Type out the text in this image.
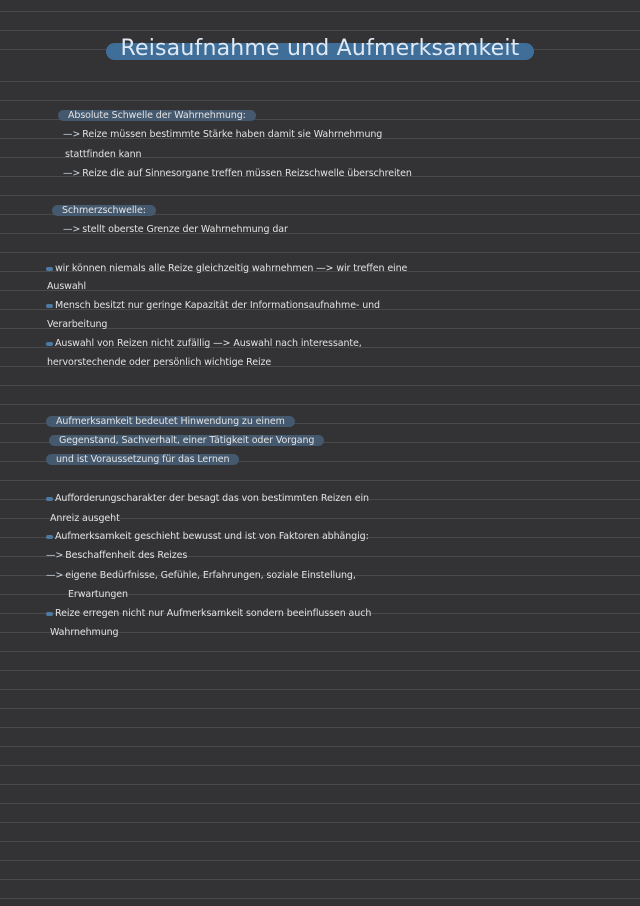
Reisaufnahme und Aufmerksamkeit
Absolute Schwelle der Wahrnehmung:
—> Reize müssen bestimmte Stärke haben damit sie Wahrnehmung
stattfinden kann
—> Reize die auf Sinnesorgane treffen müssen Reizschwelle überschreiten
Schmerzschwelle:
—> stellt oberste Grenze der Wahrnehmung dar
wir können niemals alle Reize gleichzeitig wahrnehmen —> wir treffen eine
Auswahl
Mensch besitzt nur geringe Kapazität der Informationsaufnahme- und
Verarbeitung
Auswahl von Reizen nicht zufällig —> Auswahl nach interessante,
hervorstechende oder persönlich wichtige Reize
Aufmerksamkeit bedeutet Hinwendung zu einem
Gegenstand, Sachverhalt, einer Tätigkeit oder Vorgang
und ist Voraussetzung für das Lernen
Aufforderungscharakter der besagt das von bestimmten Reizen ein
Anreiz ausgeht
Aufmerksamkeit geschieht bewusst und ist von Faktoren abhängig:
—> Beschaffenheit des Reizes
—> eigene Bedürfnisse, Gefühle, Erfahrungen, soziale Einstellung,
Erwartungen
Reize erregen nicht nur Aufmerksamkeit sondern beeinflussen auch
Wahrnehmung
